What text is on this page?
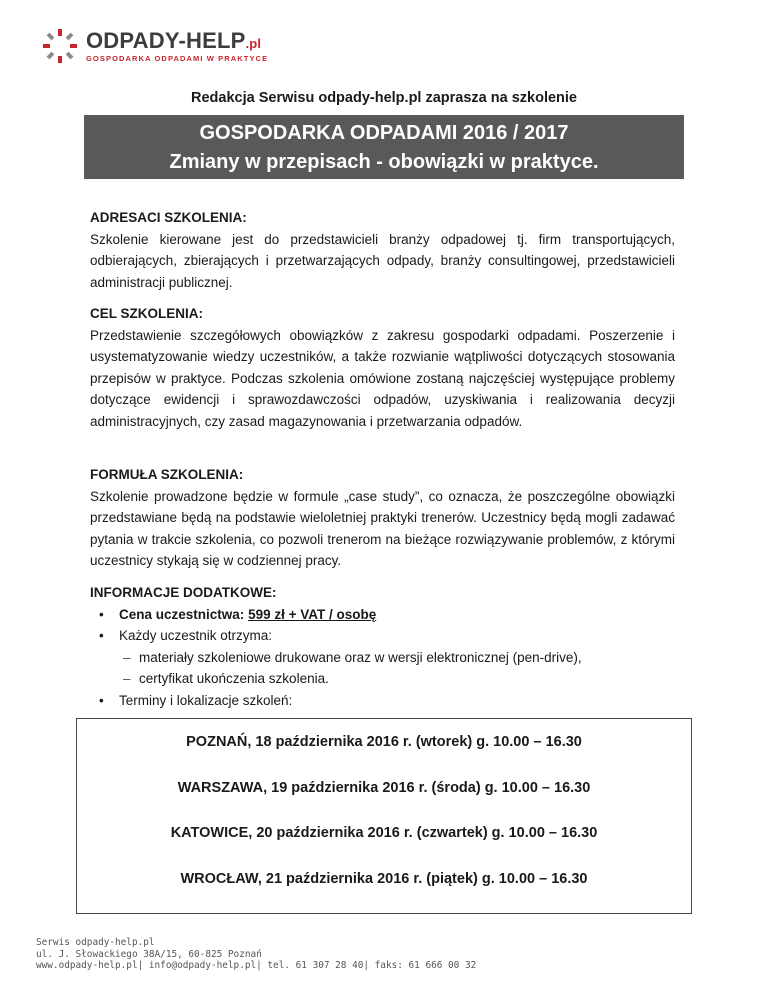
ODPADY-HELP.pl
GOSPODARKA ODPADAMI W PRAKTYCE
Redakcja Serwisu odpady-help.pl zaprasza na szkolenie
GOSPODARKA ODPADAMI 2016 / 2017
Zmiany w przepisach - obowiązki w praktyce.
ADRESACI SZKOLENIA:

Szkolenie kierowane jest do przedstawicieli branży odpadowej tj. firm transportujących, odbierających, zbierających i przetwarzających odpady, branży consultingowej, przedstawicieli administracji publicznej.

CEL SZKOLENIA:

Przedstawienie szczegółowych obowiązków z zakresu gospodarki odpadami. Poszerzenie i usystematyzowanie wiedzy uczestników, a także rozwianie wątpliwości dotyczących stosowania przepisów w praktyce. Podczas szkolenia omówione zostaną najczęściej występujące problemy dotyczące ewidencji i sprawozdawczości odpadów, uzyskiwania i realizowania decyzji administracyjnych, czy zasad magazynowania i przetwarzania odpadów.

FORMUŁA SZKOLENIA:

Szkolenie prowadzone będzie w formule „case study”, co oznacza, że poszczególne obowiązki przedstawiane będą na podstawie wieloletniej praktyki trenerów. Uczestnicy będą mogli zadawać pytania w trakcie szkolenia, co pozwoli trenerom na bieżące rozwiązywanie problemów, z którymi uczestnicy stykają się w codziennej pracy.

INFORMACJE DODATKOWE:
• Cena uczestnictwa: 599 zł + VAT / osobę
• Każdy uczestnik otrzyma:
– materiały szkoleniowe drukowane oraz w wersji elektronicznej (pen-drive),
– certyfikat ukończenia szkolenia.
• Terminy i lokalizacje szkoleń:
POZNAŃ, 18 października 2016 r. (wtorek) g. 10.00 – 16.30
WARSZAWA, 19 października 2016 r. (środa) g. 10.00 – 16.30
KATOWICE, 20 października 2016 r. (czwartek) g. 10.00 – 16.30
WROCŁAW, 21 października 2016 r. (piątek) g. 10.00 – 16.30
Serwis odpady-help.pl
ul. J. Słowackiego 38A/15, 60-825 Poznań
www.odpady-help.pl| info@odpady-help.pl| tel. 61 307 28 40| faks: 61 666 00 32
